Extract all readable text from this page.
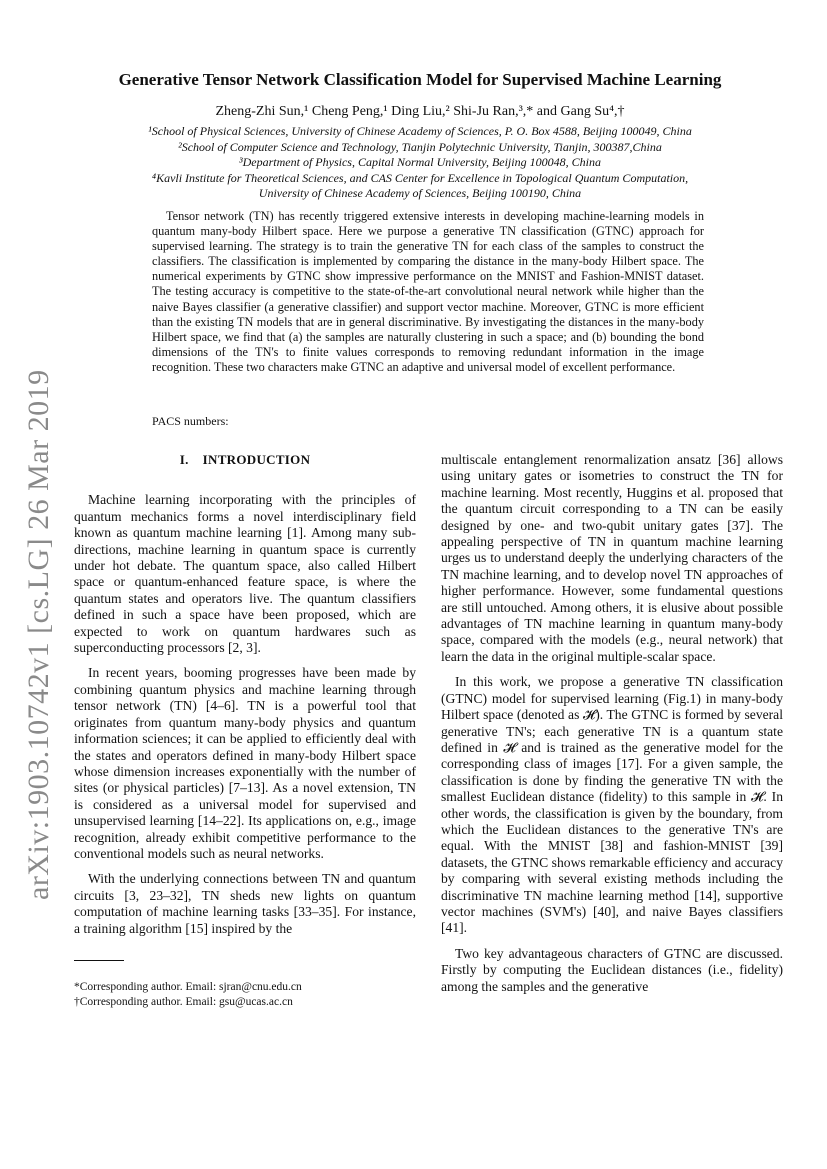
arXiv:1903.10742v1 [cs.LG] 26 Mar 2019
Generative Tensor Network Classification Model for Supervised Machine Learning
Zheng-Zhi Sun,¹ Cheng Peng,¹ Ding Liu,² Shi-Ju Ran,³,* and Gang Su⁴,†
¹School of Physical Sciences, University of Chinese Academy of Sciences, P. O. Box 4588, Beijing 100049, China
²School of Computer Science and Technology, Tianjin Polytechnic University, Tianjin, 300387,China
³Department of Physics, Capital Normal University, Beijing 100048, China
⁴Kavli Institute for Theoretical Sciences, and CAS Center for Excellence in Topological Quantum Computation,
University of Chinese Academy of Sciences, Beijing 100190, China

Tensor network (TN) has recently triggered extensive interests in developing machine-learning models in quantum many-body Hilbert space. Here we purpose a generative TN classification (GTNC) approach for supervised learning. The strategy is to train the generative TN for each class of the samples to construct the classifiers. The classification is implemented by comparing the distance in the many-body Hilbert space. The numerical experiments by GTNC show impressive performance on the MNIST and Fashion-MNIST dataset. The testing accuracy is competitive to the state-of-the-art convolutional neural network while higher than the naive Bayes classifier (a generative classifier) and support vector machine. Moreover, GTNC is more efficient than the existing TN models that are in general discriminative. By investigating the distances in the many-body Hilbert space, we find that (a) the samples are naturally clustering in such a space; and (b) bounding the bond dimensions of the TN's to finite values corresponds to removing redundant information in the image recognition. These two characters make GTNC an adaptive and universal model of excellent performance.

PACS numbers:
I. INTRODUCTION

Machine learning incorporating with the principles of quantum mechanics forms a novel interdisciplinary field known as quantum machine learning [1]. Among many sub-directions, machine learning in quantum space is currently under hot debate. The quantum space, also called Hilbert space or quantum-enhanced feature space, is where the quantum states and operators live. The quantum classifiers defined in such a space have been proposed, which are expected to work on quantum hardwares such as superconducting processors [2, 3].

In recent years, booming progresses have been made by combining quantum physics and machine learning through tensor network (TN) [4–6]. TN is a powerful tool that originates from quantum many-body physics and quantum information sciences; it can be applied to efficiently deal with the states and operators defined in many-body Hilbert space whose dimension increases exponentially with the number of sites (or physical particles) [7–13]. As a novel extension, TN is considered as a universal model for supervised and unsupervised learning [14–22]. Its applications on, e.g., image recognition, already exhibit competitive performance to the conventional models such as neural networks.

With the underlying connections between TN and quantum circuits [3, 23–32], TN sheds new lights on quantum computation of machine learning tasks [33–35]. For instance, a training algorithm [15] inspired by the

*Corresponding author. Email: sjran@cnu.edu.cn
†Corresponding author. Email: gsu@ucas.ac.cn

multiscale entanglement renormalization ansatz [36] allows using unitary gates or isometries to construct the TN for machine learning. Most recently, Huggins et al. proposed that the quantum circuit corresponding to a TN can be easily designed by one- and two-qubit unitary gates [37]. The appealing perspective of TN in quantum machine learning urges us to understand deeply the underlying characters of the TN machine learning, and to develop novel TN approaches of higher performance. However, some fundamental questions are still untouched. Among others, it is elusive about possible advantages of TN machine learning in quantum many-body space, compared with the models (e.g., neural network) that learn the data in the original multiple-scalar space.

In this work, we propose a generative TN classification (GTNC) model for supervised learning (Fig.1) in many-body Hilbert space (denoted as 𝓗). The GTNC is formed by several generative TN's; each generative TN is a quantum state defined in 𝓗 and is trained as the generative model for the corresponding class of images [17]. For a given sample, the classification is done by finding the generative TN with the smallest Euclidean distance (fidelity) to this sample in 𝓗. In other words, the classification is given by the boundary, from which the Euclidean distances to the generative TN's are equal. With the MNIST [38] and fashion-MNIST [39] datasets, the GTNC shows remarkable efficiency and accuracy by comparing with several existing methods including the discriminative TN machine learning method [14], supportive vector machines (SVM's) [40], and naive Bayes classifiers [41].

Two key advantageous characters of GTNC are discussed. Firstly by computing the Euclidean distances (i.e., fidelity) among the samples and the generative
